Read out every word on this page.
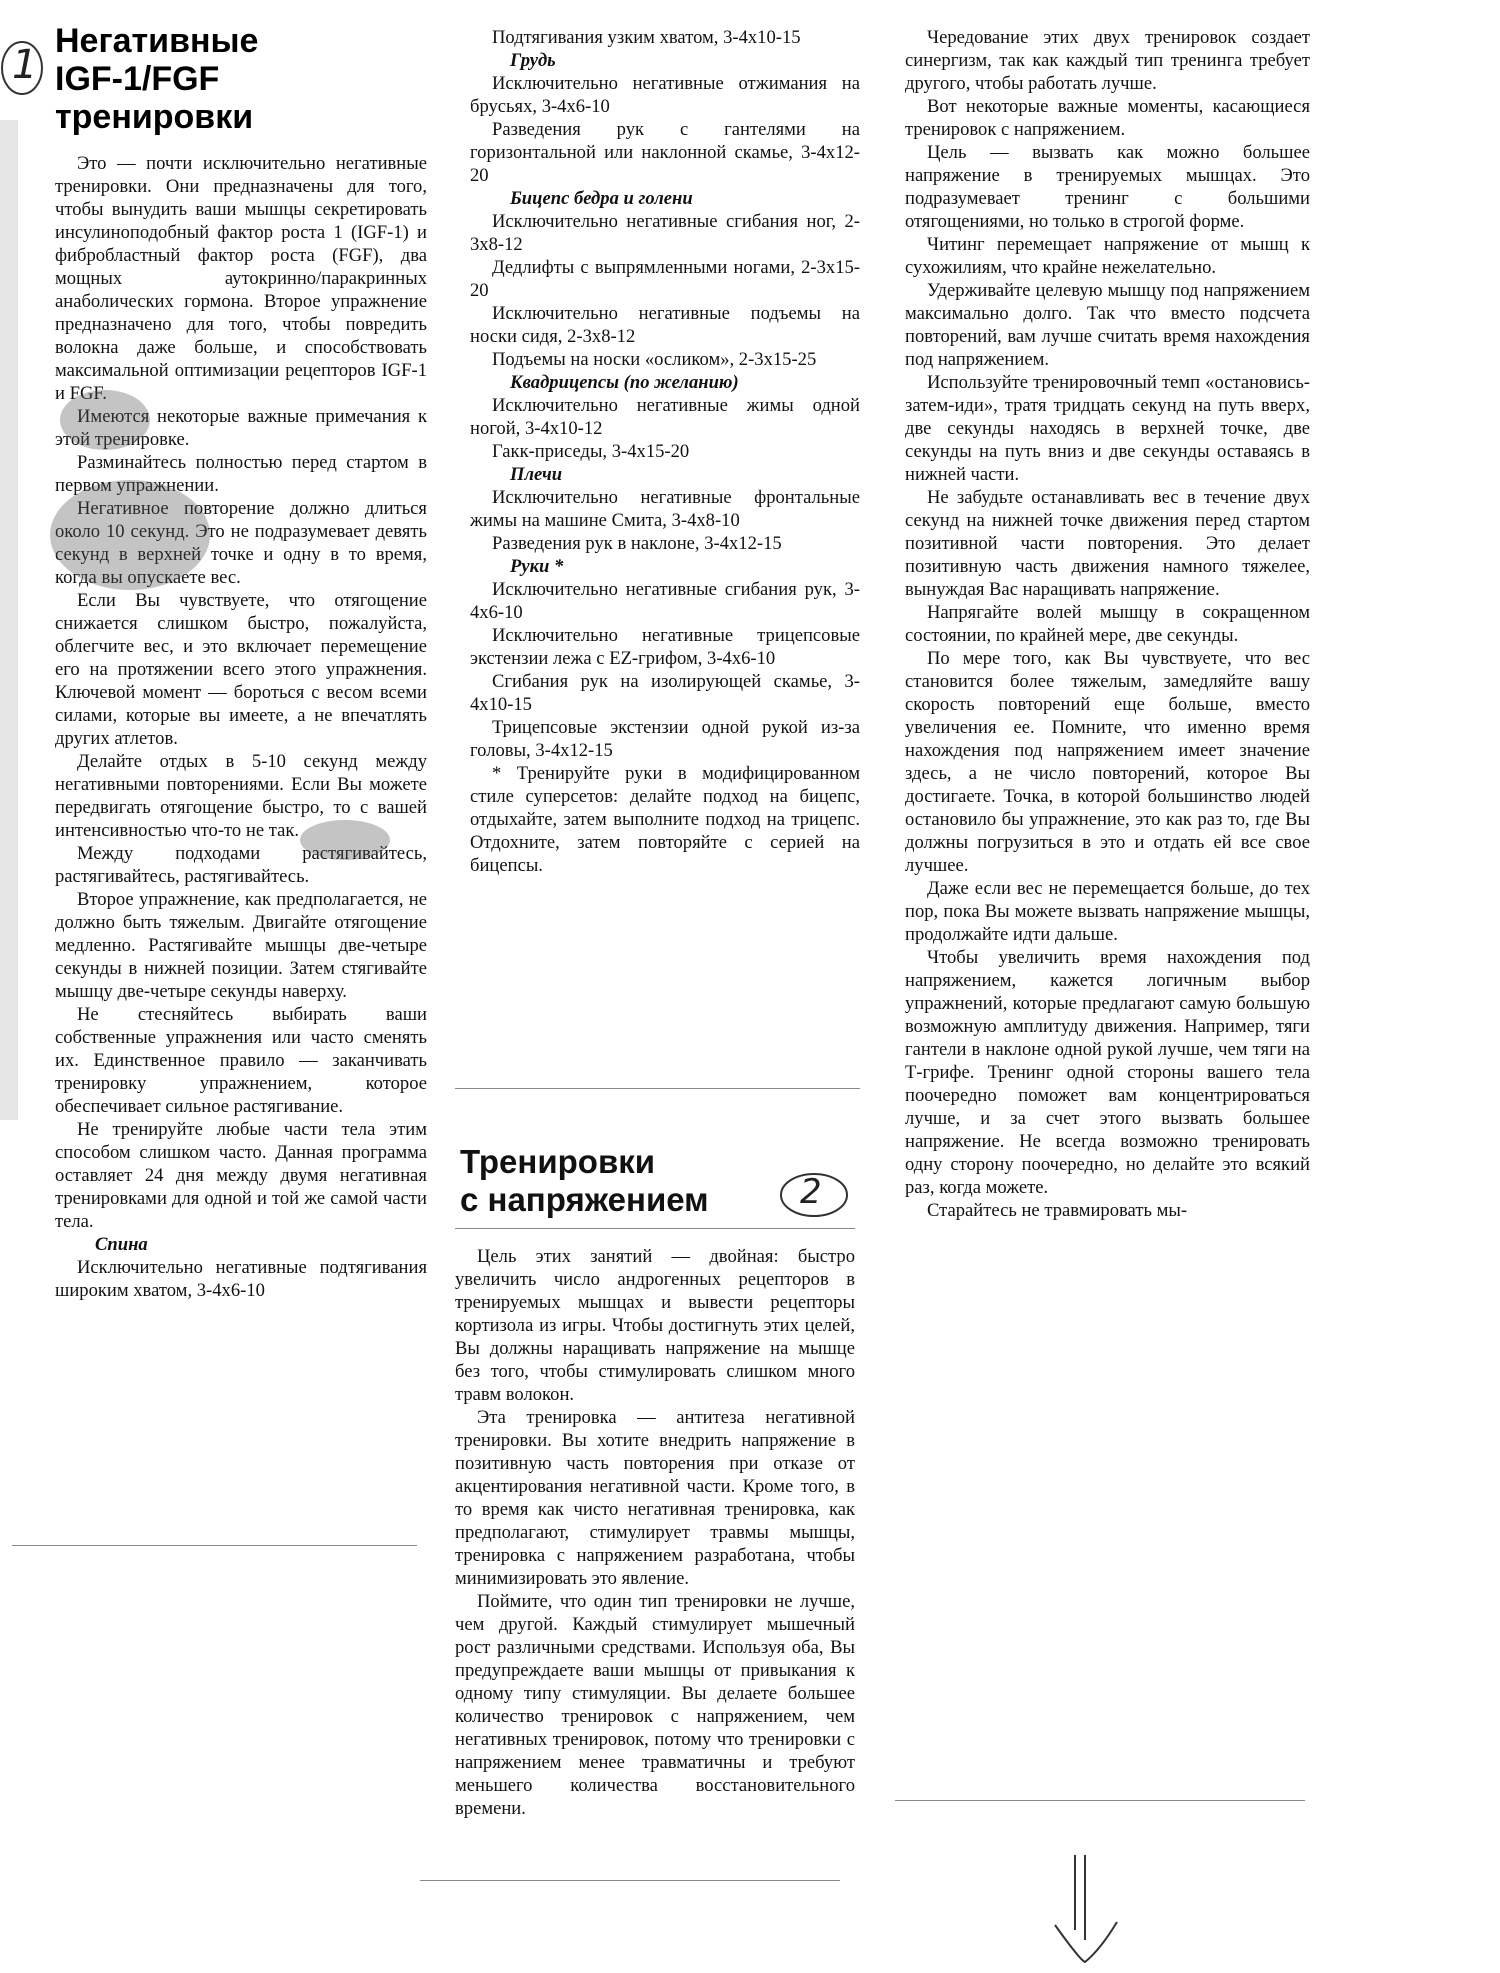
1
Негативные
IGF-1/FGF
тренировки

Это — почти исключительно негативные тренировки. Они предназначены для того, чтобы вынудить ваши мышцы секретировать инсулиноподобный фактор роста 1 (IGF-1) и фибробластный фактор роста (FGF), два мощных аутокринно/паракринных анаболических гормона. Второе упражнение предназначено для того, чтобы повредить волокна даже больше, и способствовать максимальной оптимизации рецепторов IGF-1 и FGF.

Имеются некоторые важные примечания к этой тренировке.

Разминайтесь полностью перед стартом в первом упражнении.

Негативное повторение должно длиться около 10 секунд. Это не подразумевает девять секунд в верхней точке и одну в то время, когда вы опускаете вес.

Если Вы чувствуете, что отягощение снижается слишком быстро, пожалуйста, облегчите вес, и это включает перемещение его на протяжении всего этого упражнения. Ключевой момент — бороться с весом всеми силами, которые вы имеете, а не впечатлять других атлетов.

Делайте отдых в 5-10 секунд между негативными повторениями. Если Вы можете передвигать отягощение быстро, то с вашей интенсивностью что-то не так.

Между подходами растягивайтесь, растягивайтесь, растягивайтесь.

Второе упражнение, как предполагается, не должно быть тяжелым. Двигайте отягощение медленно. Растягивайте мышцы две-четыре секунды в нижней позиции. Затем стягивайте мышцу две-четыре секунды наверху.

Не стесняйтесь выбирать ваши собственные упражнения или часто сменять их. Единственное правило — заканчивать тренировку упражнением, которое обеспечивает сильное растягивание.

Не тренируйте любые части тела этим способом слишком часто. Данная программа оставляет 24 дня между двумя негативная тренировками для одной и той же самой части тела.

Спина

Исключительно негативные подтягивания широким хватом, 3-4x6-10

Подтягивания узким хватом, 3-4x10-15

Грудь

Исключительно негативные отжимания на брусьях, 3-4x6-10

Разведения рук с гантелями на горизонтальной или наклонной скамье, 3-4x12-20

Бицепс бедра и голени

Исключительно негативные сгибания ног, 2-3x8-12

Дедлифты с выпрямленными ногами, 2-3x15-20

Исключительно негативные подъемы на носки сидя, 2-3x8-12

Подъемы на носки «осликом», 2-3x15-25

Квадрицепсы (по желанию)

Исключительно негативные жимы одной ногой, 3-4x10-12

Гакк-приседы, 3-4x15-20

Плечи

Исключительно негативные фронтальные жимы на машине Смита, 3-4x8-10

Разведения рук в наклоне, 3-4x12-15

Руки *

Исключительно негативные сгибания рук, 3-4x6-10

Исключительно негативные трицепсовые экстензии лежа с EZ-грифом, 3-4x6-10

Сгибания рук на изолирующей скамье, 3-4x10-15

Трицепсовые экстензии одной рукой из-за головы, 3-4x12-15

* Тренируйте руки в модифицированном стиле суперсетов: делайте подход на бицепс, отдыхайте, затем выполните подход на трицепс. Отдохните, затем повторяйте с серией на бицепсы.

Тренировки
с напряжением	2

Цель этих занятий — двойная: быстро увеличить число андрогенных рецепторов в тренируемых мышцах и вывести рецепторы кортизола из игры. Чтобы достигнуть этих целей, Вы должны наращивать напряжение на мышце без того, чтобы стимулировать слишком много травм волокон.

Эта тренировка — антитеза негативной тренировки. Вы хотите внедрить напряжение в позитивную часть повторения при отказе от акцентирования негативной части. Кроме того, в то время как чисто негативная тренировка, как предполагают, стимулирует травмы мышцы, тренировка с напряжением разработана, чтобы минимизировать это явление.

Поймите, что один тип тренировки не лучше, чем другой. Каждый стимулирует мышечный рост различными средствами. Используя оба, Вы предупреждаете ваши мышцы от привыкания к одному типу стимуляции. Вы делаете большее количество тренировок с напряжением, чем негативных тренировок, потому что тренировки с напряжением менее травматичны и требуют меньшего количества восстановительного времени.

Чередование этих двух тренировок создает синергизм, так как каждый тип тренинга требует другого, чтобы работать лучше.

Вот некоторые важные моменты, касающиеся тренировок с напряжением.

Цель — вызвать как можно большее напряжение в тренируемых мышцах. Это подразумевает тренинг с большими отягощениями, но только в строгой форме.

Читинг перемещает напряжение от мышц к сухожилиям, что крайне нежелательно.

Удерживайте целевую мышцу под напряжением максимально долго. Так что вместо подсчета повторений, вам лучше считать время нахождения под напряжением.

Используйте тренировочный темп «остановись-затем-иди», тратя тридцать секунд на путь вверх, две секунды находясь в верхней точке, две секунды на путь вниз и две секунды оставаясь в нижней части.

Не забудьте останавливать вес в течение двух секунд на нижней точке движения перед стартом позитивной части повторения. Это делает позитивную часть движения намного тяжелее, вынуждая Вас наращивать напряжение.

Напрягайте волей мышцу в сокращенном состоянии, по крайней мере, две секунды.

По мере того, как Вы чувствуете, что вес становится более тяжелым, замедляйте вашу скорость повторений еще больше, вместо увеличения ее. Помните, что именно время нахождения под напряжением имеет значение здесь, а не число повторений, которое Вы достигаете. Точка, в которой большинство людей остановило бы упражнение, это как раз то, где Вы должны погрузиться в это и отдать ей все свое лучшее.

Даже если вес не перемещается больше, до тех пор, пока Вы можете вызвать напряжение мышцы, продолжайте идти дальше.

Чтобы увеличить время нахождения под напряжением, кажется логичным выбор упражнений, которые предлагают самую большую возможную амплитуду движения. Например, тяги гантели в наклоне одной рукой лучше, чем тяги на Т-грифе. Тренинг одной стороны вашего тела поочередно поможет вам концентрироваться лучше, и за счет этого вызвать большее напряжение. Не всегда возможно тренировать одну сторону поочередно, но делайте это всякий раз, когда можете.

Старайтесь не травмировать мы-
